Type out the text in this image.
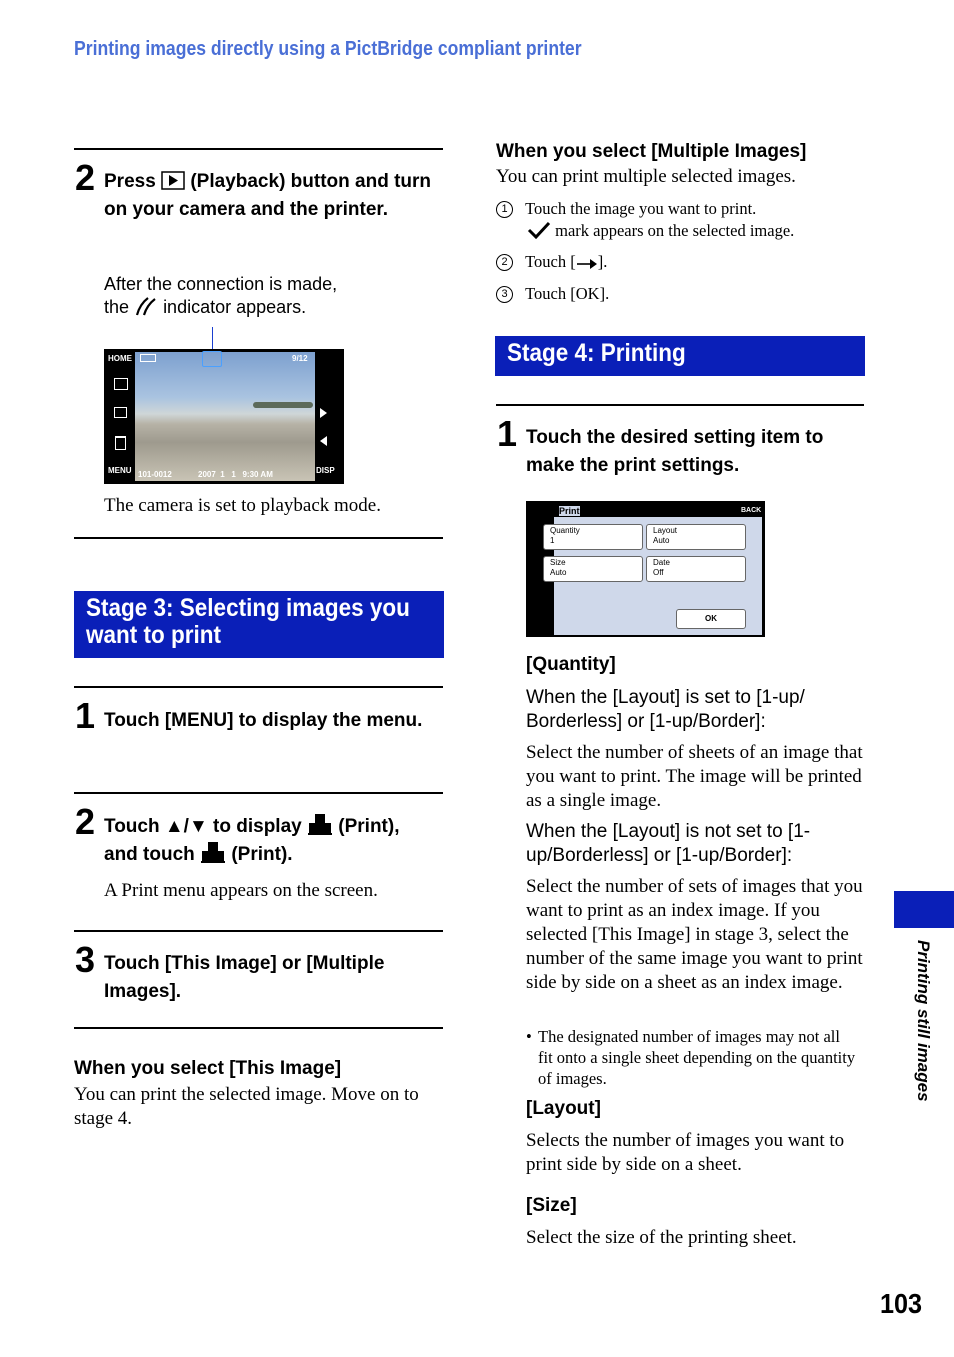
Printing images directly using a PictBridge compliant printer
2 Press (Playback) button and turn on your camera and the printer.
After the connection is made,
the indicator appears.
HOME	9/12
MENU	DISP
101-0012	2007  1   1   9:30 AM
The camera is set to playback mode.
Stage 3: Selecting images you
want to print
1 Touch [MENU] to display the menu.
2 Touch ▲/▼ to display (Print),
and touch (Print).
A Print menu appears on the screen.
3 Touch [This Image] or [Multiple Images].
When you select [This Image]
You can print the selected image. Move on to stage 4.
When you select [Multiple Images]
You can print multiple selected images.
1 Touch the image you want to print.
mark appears on the selected image.
2 Touch [ ].
3 Touch [OK].
Stage 4: Printing
1 Touch the desired setting item to make the print settings.
Print	BACK
Quantity
1
Layout
Auto
Size
Auto
Date
Off
OK
[Quantity]
When the [Layout] is set to [1-up/ Borderless] or [1-up/Border]:
Select the number of sheets of an image that you want to print. The image will be printed as a single image.
When the [Layout] is not set to [1- up/Borderless] or [1-up/Border]:
Select the number of sets of images that you want to print as an index image. If you selected [This Image] in stage 3, select the number of the same image you want to print side by side on a sheet as an index image.
• The designated number of images may not all fit onto a single sheet depending on the quantity of images.
[Layout]
Selects the number of images you want to print side by side on a sheet.
[Size]
Select the size of the printing sheet.
Printing still images
103
